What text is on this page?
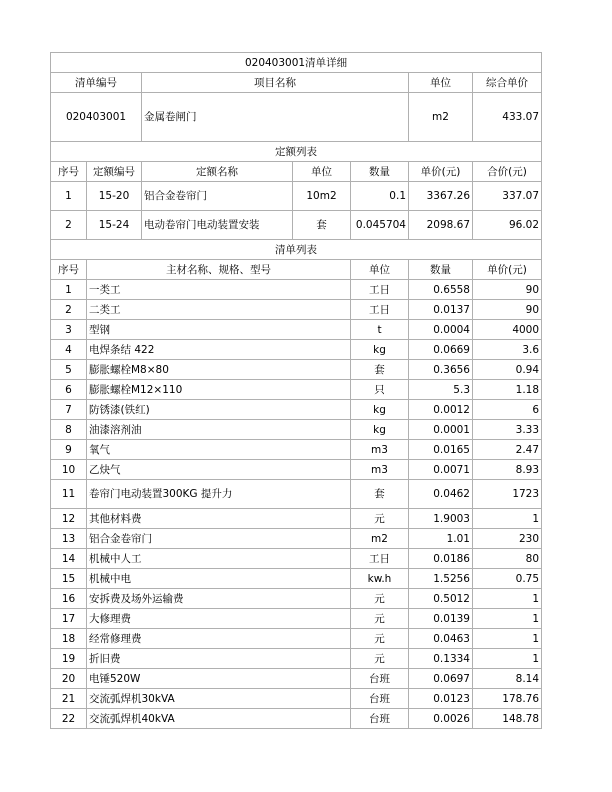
020403001清单详细							
清单编号		项目名称			单位	综合单价	
020403001		金属卷闸门			m2	433.07	
定额列表							
序号	定额编号	定额名称	单位	数量	单价(元)	合价(元)	
1	15-20	铝合金卷帘门	10m2	0.1	3367.26	337.07	
2	15-24	电动卷帘门电动装置安装	套	0.045704	2098.67	96.02	
清单列表							
序号	主材名称、规格、型号			单位	数量	单价(元)	
1	一类工			工日	0.6558	90	
2	二类工			工日	0.0137	90	
3	型钢			t	0.0004	4000	
4	电焊条结 422			kg	0.0669	3.6	
5	膨胀螺栓M8×80			套	0.3656	0.94	
6	膨胀螺栓M12×110			只	5.3	1.18	
7	防锈漆(铁红)			kg	0.0012	6	
8	油漆溶剂油			kg	0.0001	3.33	
9	氧气			m3	0.0165	2.47	
10	乙炔气			m3	0.0071	8.93	
11	卷帘门电动装置300KG 提升力			套	0.0462	1723	
12	其他材料费			元	1.9003	1	
13	铝合金卷帘门			m2	1.01	230	
14	机械中人工			工日	0.0186	80	
15	机械中电			kw.h	1.5256	0.75	
16	安拆费及场外运输费			元	0.5012	1	
17	大修理费			元	0.0139	1	
18	经常修理费			元	0.0463	1	
19	折旧费			元	0.1334	1	
20	电锤520W			台班	0.0697	8.14	
21	交流弧焊机30kVA			台班	0.0123	178.76	
22	交流弧焊机40kVA			台班	0.0026	148.78	
